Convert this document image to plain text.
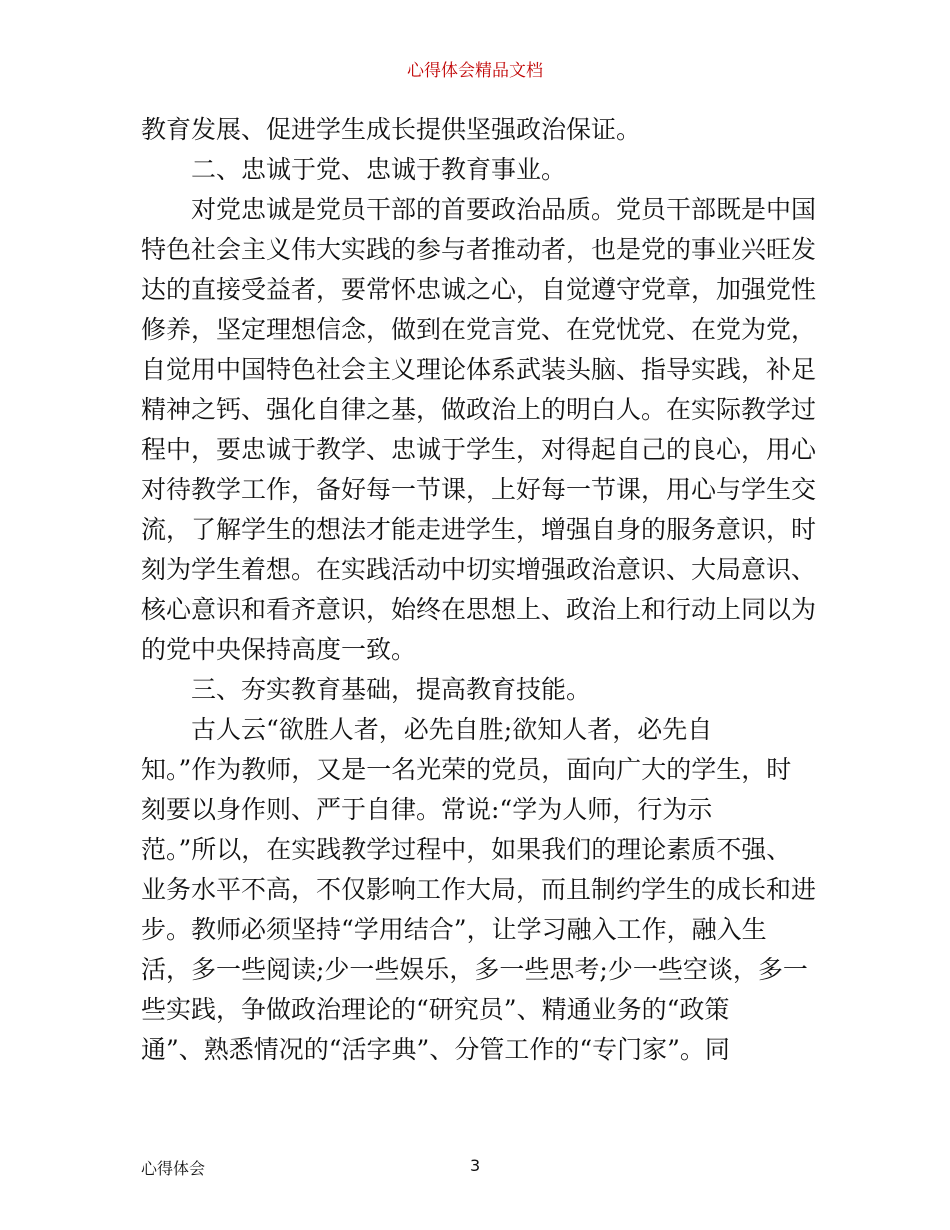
心得体会精品文档
教育发展、促进学生成长提供坚强政治保证。
　　二、忠诚于党、忠诚于教育事业。
　　对党忠诚是党员干部的首要政治品质。党员干部既是中国
特色社会主义伟大实践的参与者推动者，也是党的事业兴旺发
达的直接受益者，要常怀忠诚之心，自觉遵守党章，加强党性
修养，坚定理想信念，做到在党言党、在党忧党、在党为党，
自觉用中国特色社会主义理论体系武装头脑、指导实践，补足
精神之钙、强化自律之基，做政治上的明白人。在实际教学过
程中，要忠诚于教学、忠诚于学生，对得起自己的良心，用心
对待教学工作，备好每一节课，上好每一节课，用心与学生交
流，了解学生的想法才能走进学生，增强自身的服务意识，时
刻为学生着想。在实践活动中切实增强政治意识、大局意识、
核心意识和看齐意识，始终在思想上、政治上和行动上同以为
的党中央保持高度一致。
　　三、夯实教育基础，提高教育技能。
　　古人云“欲胜人者，必先自胜;欲知人者，必先自
知。”作为教师，又是一名光荣的党员，面向广大的学生，时
刻要以身作则、严于自律。常说:“学为人师，行为示
范。”所以，在实践教学过程中，如果我们的理论素质不强、
业务水平不高，不仅影响工作大局，而且制约学生的成长和进
步。教师必须坚持“学用结合”，让学习融入工作，融入生
活，多一些阅读;少一些娱乐，多一些思考;少一些空谈，多一
些实践，争做政治理论的“研究员”、精通业务的“政策
通”、熟悉情况的“活字典”、分管工作的“专门家”。同
心得体会	3
